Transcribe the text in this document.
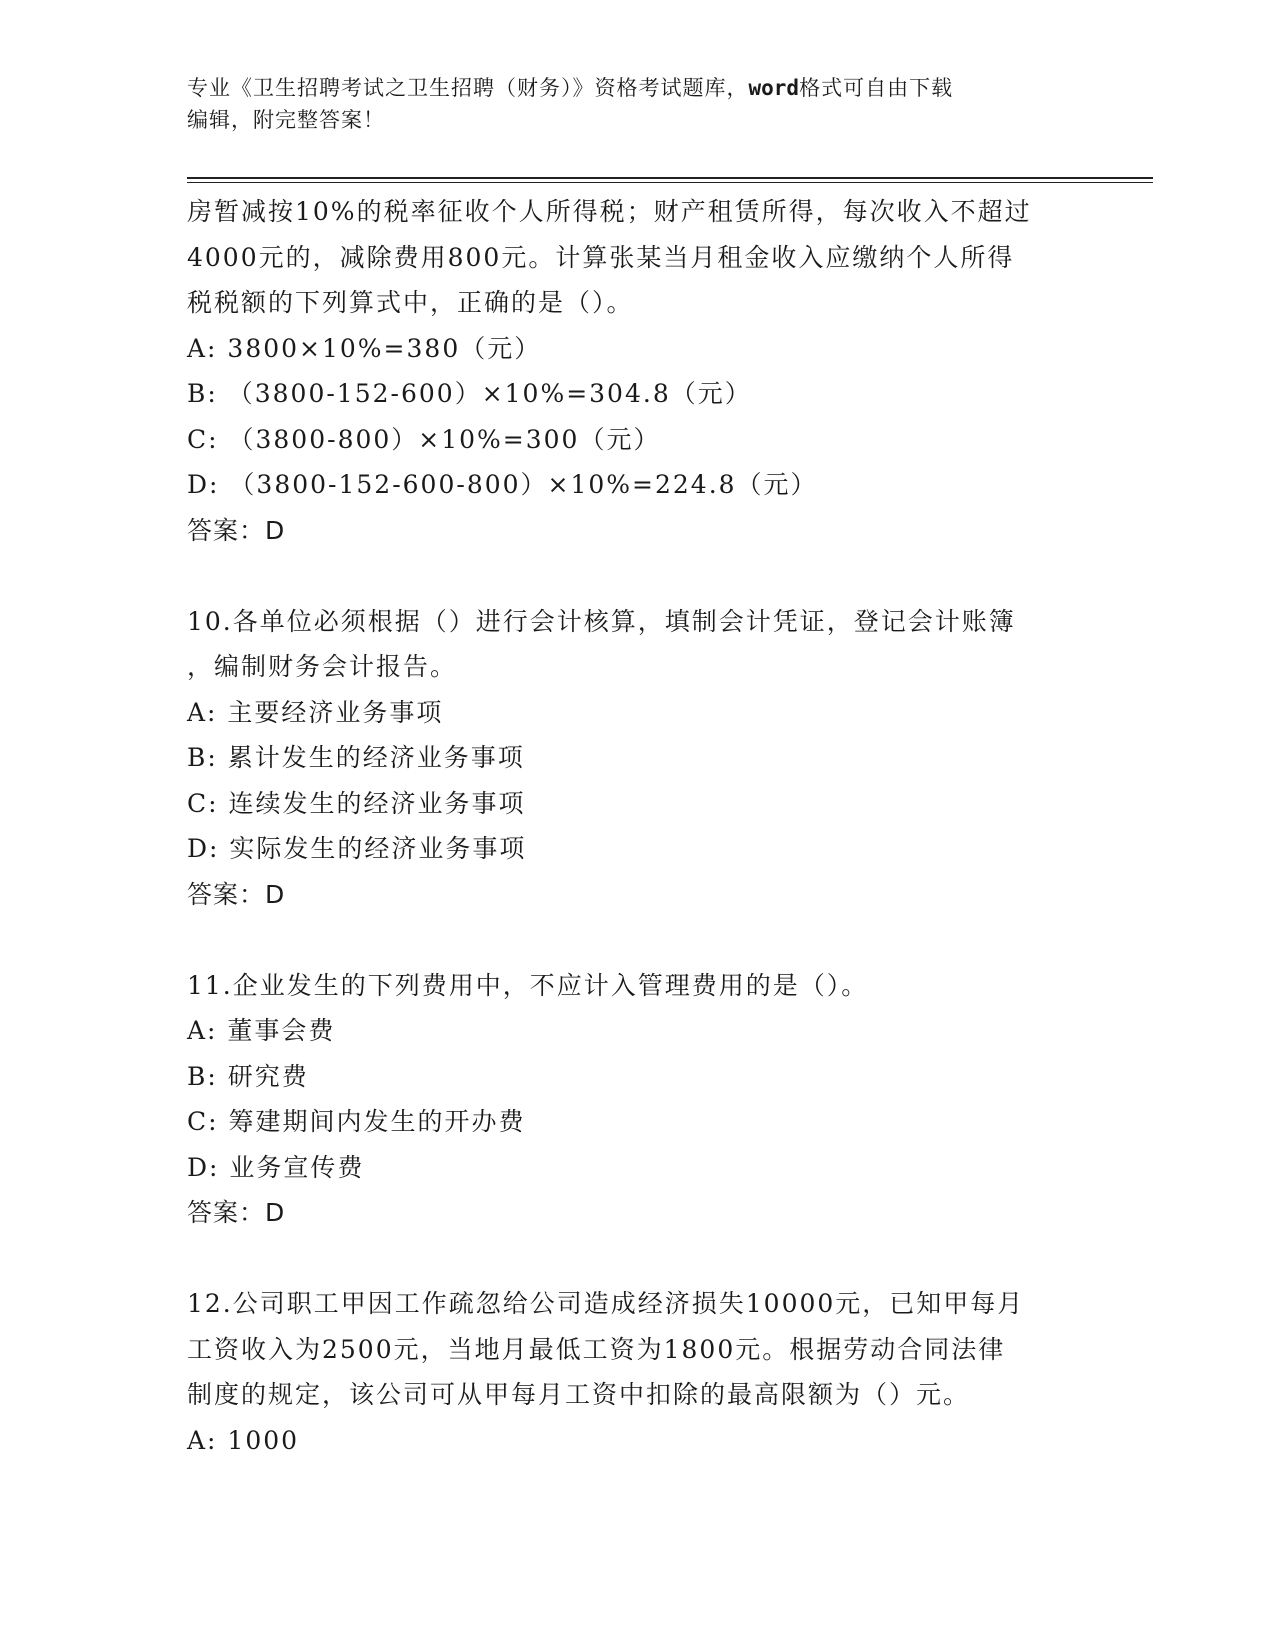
专业《卫生招聘考试之卫生招聘（财务）》资格考试题库，word格式可自由下载
编辑，附完整答案！
房暂减按10%的税率征收个人所得税；财产租赁所得，每次收入不超过
4000元的，减除费用800元。计算张某当月租金收入应缴纳个人所得
税税额的下列算式中，正确的是（）。
A: 3800×10%=380（元）
B: （3800-152-600）×10%=304.8（元）
C: （3800-800）×10%=300（元）
D: （3800-152-600-800）×10%=224.8（元）
答案：D
10.各单位必须根据（）进行会计核算，填制会计凭证，登记会计账簿
，编制财务会计报告。
A: 主要经济业务事项
B: 累计发生的经济业务事项
C: 连续发生的经济业务事项
D: 实际发生的经济业务事项
答案：D
11.企业发生的下列费用中，不应计入管理费用的是（）。
A: 董事会费
B: 研究费
C: 筹建期间内发生的开办费
D: 业务宣传费
答案：D
12.公司职工甲因工作疏忽给公司造成经济损失10000元，已知甲每月
工资收入为2500元，当地月最低工资为1800元。根据劳动合同法律
制度的规定，该公司可从甲每月工资中扣除的最高限额为（）元。
A: 1000
